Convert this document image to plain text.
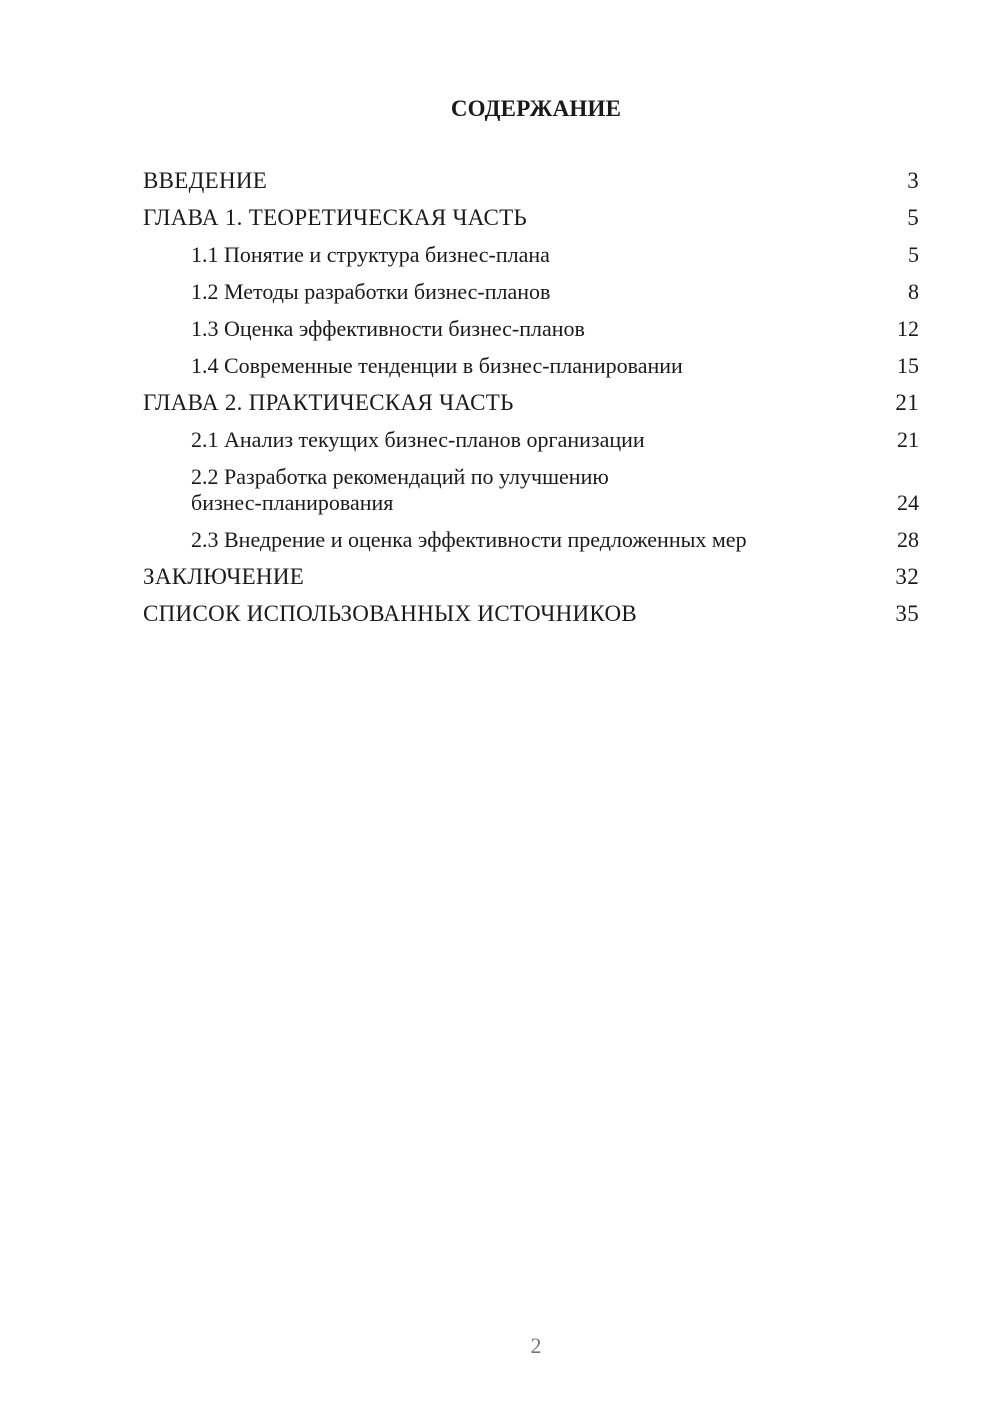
СОДЕРЖАНИЕ
ВВЕДЕНИЕ	3
ГЛАВА 1. ТЕОРЕТИЧЕСКАЯ ЧАСТЬ	5
1.1 Понятие и структура бизнес-плана	5
1.2 Методы разработки бизнес-планов	8
1.3 Оценка эффективности бизнес-планов	12
1.4 Современные тенденции в бизнес-планировании	15
ГЛАВА 2. ПРАКТИЧЕСКАЯ ЧАСТЬ	21
2.1 Анализ текущих бизнес-планов организации	21
2.2 Разработка рекомендаций по улучшению бизнес-планирования	24
2.3 Внедрение и оценка эффективности предложенных мер	28
ЗАКЛЮЧЕНИЕ	32
СПИСОК ИСПОЛЬЗОВАННЫХ ИСТОЧНИКОВ	35
2
